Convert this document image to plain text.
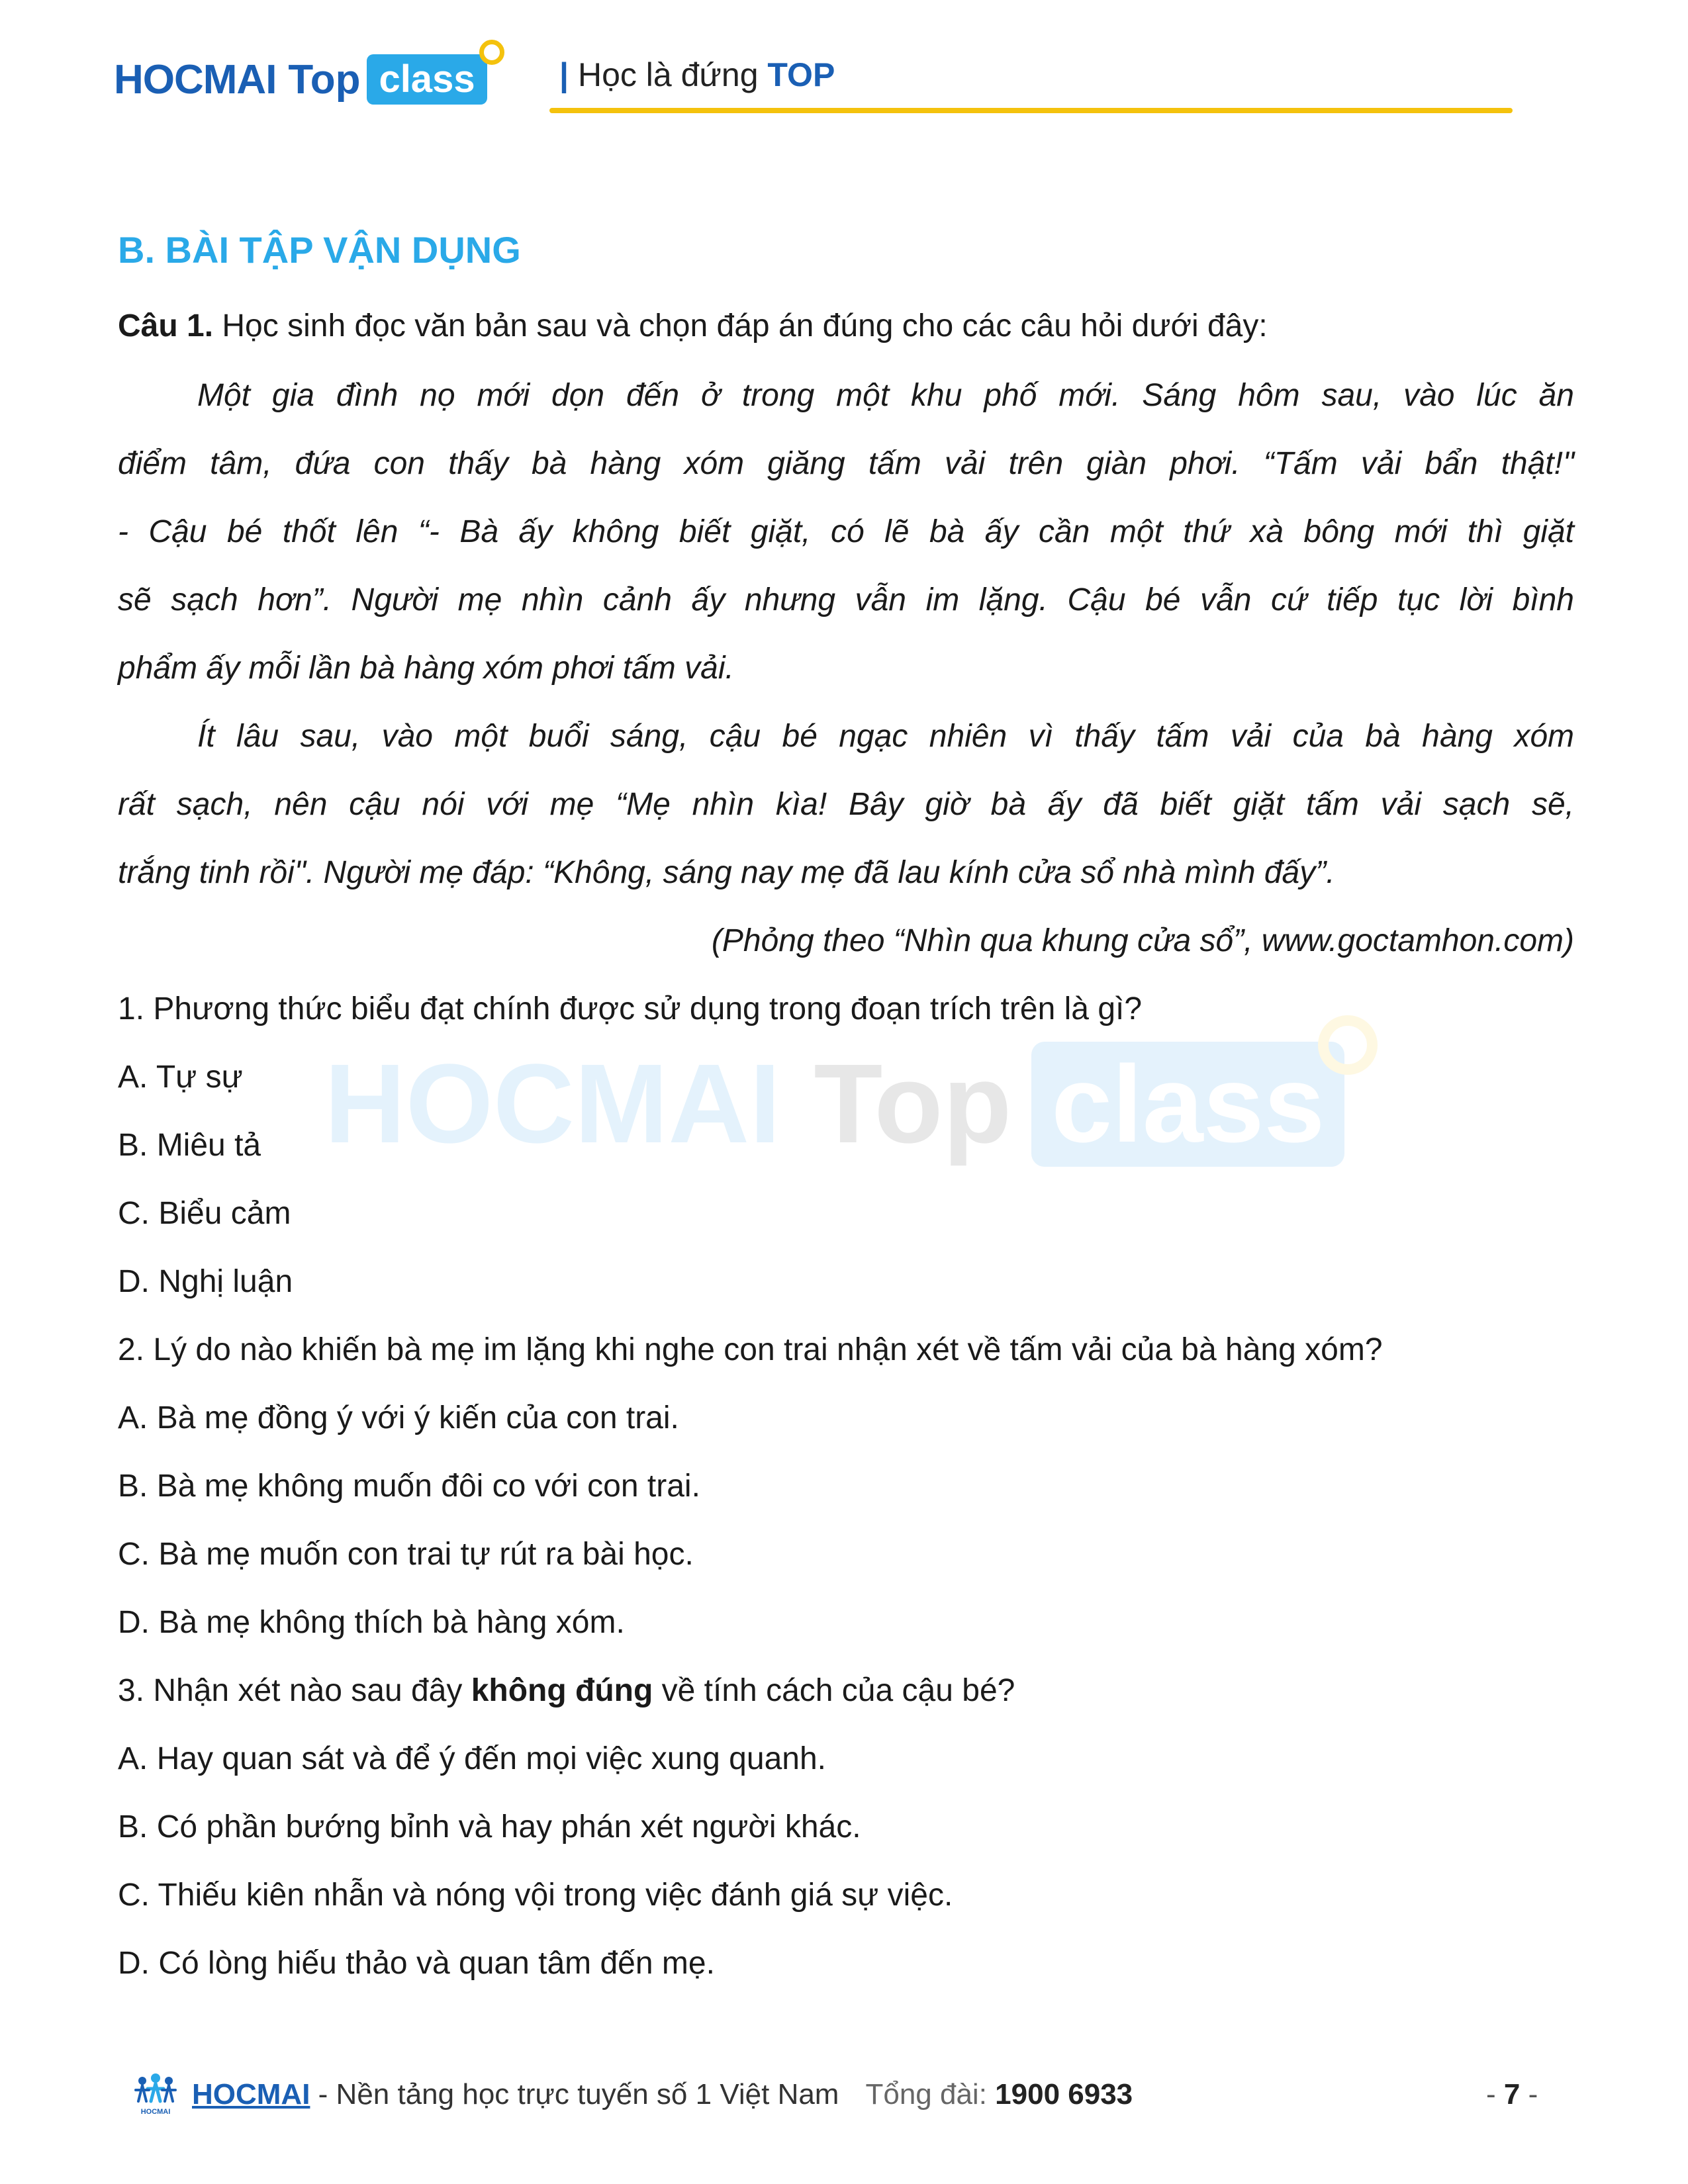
HOCMAI Top class	| Học là đứng TOP
HOCMAI Top class
B. BÀI TẬP VẬN DỤNG
Câu 1. Học sinh đọc văn bản sau và chọn đáp án đúng cho các câu hỏi dưới đây:
Một gia đình nọ mới dọn đến ở trong một khu phố mới. Sáng hôm sau, vào lúc ăn
điểm tâm, đứa con thấy bà hàng xóm giăng tấm vải trên giàn phơi. “Tấm vải bẩn thật!"
- Cậu bé thốt lên “- Bà ấy không biết giặt, có lẽ bà ấy cần một thứ xà bông mới thì giặt
sẽ sạch hơn”. Người mẹ nhìn cảnh ấy nhưng vẫn im lặng. Cậu bé vẫn cứ tiếp tục lời bình
phẩm ấy mỗi lần bà hàng xóm phơi tấm vải.
Ít lâu sau, vào một buổi sáng, cậu bé ngạc nhiên vì thấy tấm vải của bà hàng xóm
rất sạch, nên cậu nói với mẹ “Mẹ nhìn kìa! Bây giờ bà ấy đã biết giặt tấm vải sạch sẽ,
trắng tinh rồi". Người mẹ đáp: “Không, sáng nay mẹ đã lau kính cửa sổ nhà mình đấy”.
(Phỏng theo “Nhìn qua khung cửa sổ”, www.goctamhon.com)
1. Phương thức biểu đạt chính được sử dụng trong đoạn trích trên là gì?
A. Tự sự
B. Miêu tả
C. Biểu cảm
D. Nghị luận
2. Lý do nào khiến bà mẹ im lặng khi nghe con trai nhận xét về tấm vải của bà hàng xóm?
A. Bà mẹ đồng ý với ý kiến của con trai.
B. Bà mẹ không muốn đôi co với con trai.
C. Bà mẹ muốn con trai tự rút ra bài học.
D. Bà mẹ không thích bà hàng xóm.
3. Nhận xét nào sau đây không đúng về tính cách của cậu bé?
A. Hay quan sát và để ý đến mọi việc xung quanh.
B. Có phần bướng bỉnh và hay phán xét người khác.
C. Thiếu kiên nhẫn và nóng vội trong việc đánh giá sự việc.
D. Có lòng hiếu thảo và quan tâm đến mẹ.
HOCMAI
HOCMAI - Nền tảng học trực tuyến số 1 Việt Nam Tổng đài: 1900 6933	- 7 -
